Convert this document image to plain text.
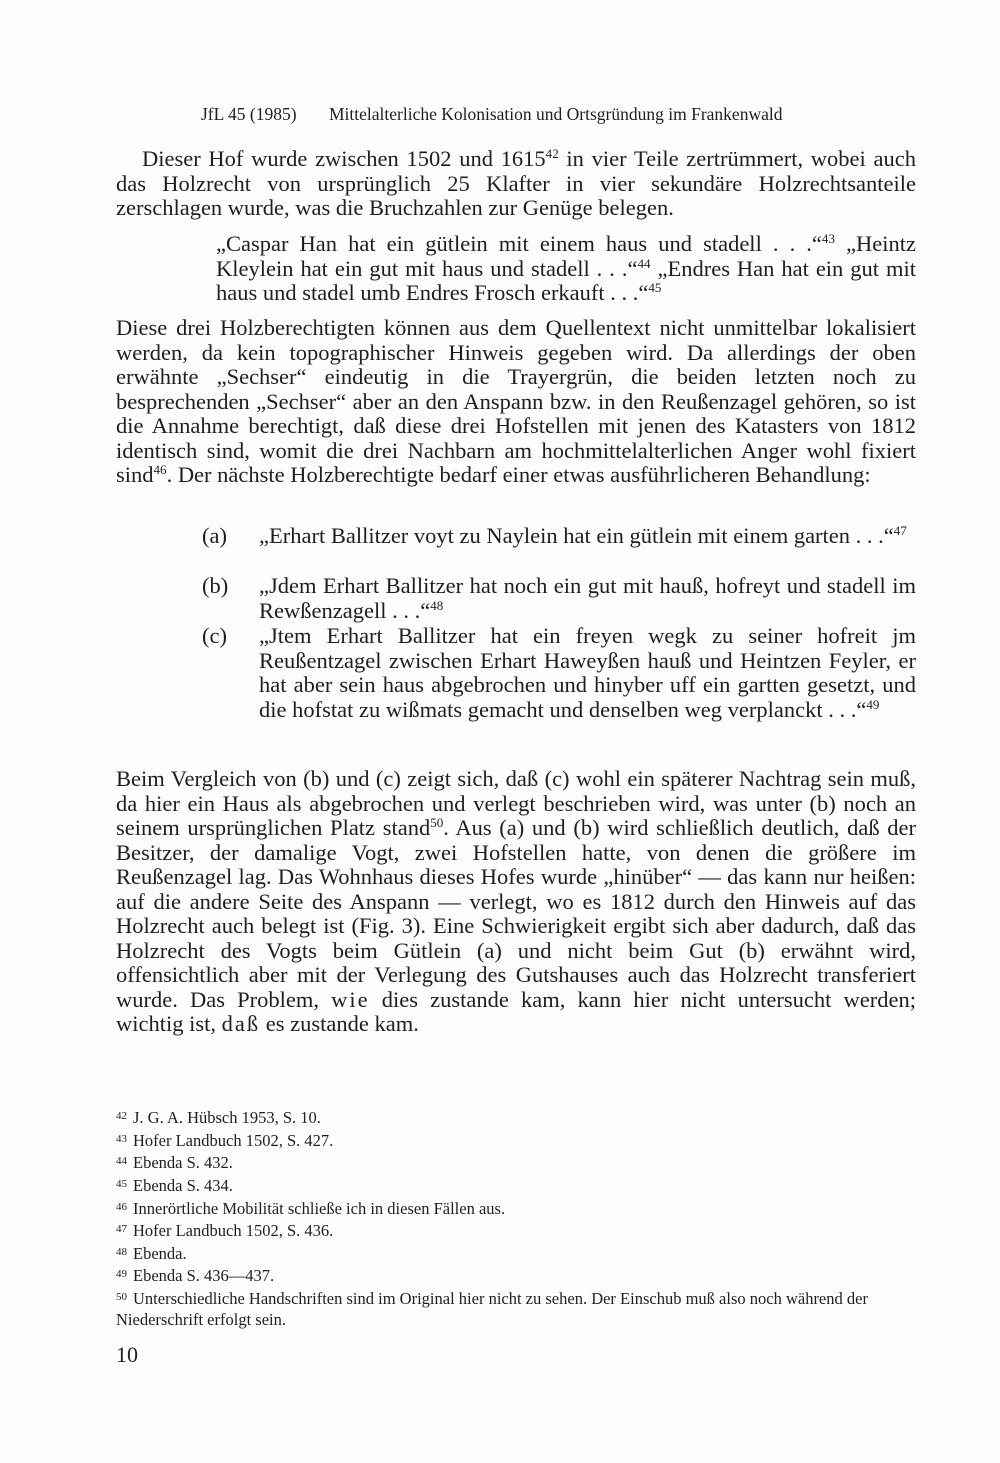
JfL 45 (1985) Mittelalterliche Kolonisation und Ortsgründung im Frankenwald

Dieser Hof wurde zwischen 1502 und 1615$^{42}$ in vier Teile zertrümmert, wobei auch das Holzrecht von ursprünglich 25 Klafter in vier sekundäre Holzrechtsanteile zerschlagen wurde, was die Bruchzahlen zur Genüge belegen.

„Caspar Han hat ein gütlein mit einem haus und stadell . . .“$^{43}$ „Heintz Kleylein hat ein gut mit haus und stadell . . .“$^{44}$ „Endres Han hat ein gut mit haus und stadel umb Endres Frosch erkauft . . .“$^{45}$

Diese drei Holzberechtigten können aus dem Quellentext nicht unmittelbar lokalisiert werden, da kein topographischer Hinweis gegeben wird. Da allerdings der oben erwähnte „Sechser“ eindeutig in die Trayergrün, die beiden letzten noch zu besprechenden „Sechser“ aber an den Anspann bzw. in den Reußenzagel gehören, so ist die Annahme berechtigt, daß diese drei Hofstellen mit jenen des Katasters von 1812 identisch sind, womit die drei Nachbarn am hochmittelalterlichen Anger wohl fixiert sind$^{46}$. Der nächste Holzberechtigte bedarf einer etwas ausführlicheren Behandlung:

(a) „Erhart Ballitzer voyt zu Naylein hat ein gütlein mit einem garten . . .“$^{47}$
(b) „Jdem Erhart Ballitzer hat noch ein gut mit hauß, hofreyt und stadell im Rewßenzagell . . .“$^{48}$
(c) „Jtem Erhart Ballitzer hat ein freyen wegk zu seiner hofreit jm Reußentzagel zwischen Erhart Haweyßen hauß und Heintzen Feyler, er hat aber sein haus abgebrochen und hinyber uff ein gartten gesetzt, und die hofstat zu wißmats gemacht und denselben weg verplanckt . . .“$^{49}$

Beim Vergleich von (b) und (c) zeigt sich, daß (c) wohl ein späterer Nachtrag sein muß, da hier ein Haus als abgebrochen und verlegt beschrieben wird, was unter (b) noch an seinem ursprünglichen Platz stand$^{50}$. Aus (a) und (b) wird schließlich deutlich, daß der Besitzer, der damalige Vogt, zwei Hofstellen hatte, von denen die größere im Reußenzagel lag. Das Wohnhaus dieses Hofes wurde „hinüber“ — das kann nur heißen: auf die andere Seite des Anspann — verlegt, wo es 1812 durch den Hinweis auf das Holzrecht auch belegt ist (Fig. 3). Eine Schwierigkeit ergibt sich aber dadurch, daß das Holzrecht des Vogts beim Gütlein (a) und nicht beim Gut (b) erwähnt wird, offensichtlich aber mit der Verlegung des Gutshauses auch das Holzrecht transferiert wurde. Das Problem, wie dies zustande kam, kann hier nicht untersucht werden; wichtig ist, daß es zustande kam.

$^{42}$ J. G. A. Hübsch 1953, S. 10.

$^{43}$ Hofer Landbuch 1502, S. 427.

$^{44}$ Ebenda S. 432.

$^{45}$ Ebenda S. 434.

$^{46}$ Innerörtliche Mobilität schließe ich in diesen Fällen aus.

$^{47}$ Hofer Landbuch 1502, S. 436.

$^{48}$ Ebenda.

$^{49}$ Ebenda S. 436—437.

$^{50}$ Unterschiedliche Handschriften sind im Original hier nicht zu sehen. Der Einschub muß also noch während der Niederschrift erfolgt sein.

10
